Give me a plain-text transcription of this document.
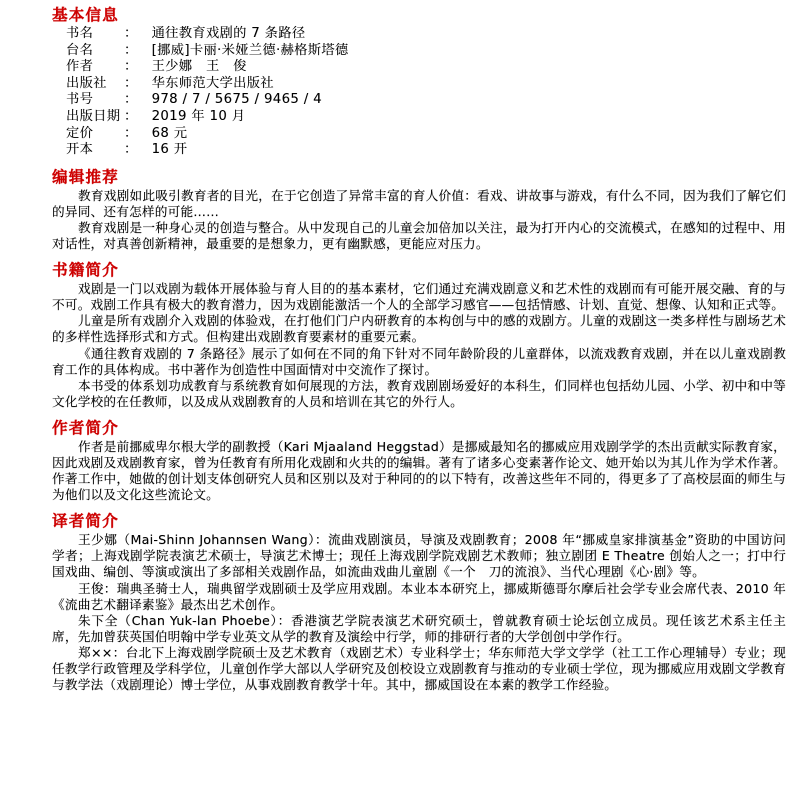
基本信息
书名	：	通往教育戏剧的 7 条路径
台名	：	[挪威]卡丽·米娅兰德·赫格斯塔德
作者	：	王少娜　王　俊
出版社	：	华东师范大学出版社
书号	：	978 / 7 / 5675 / 9465 / 4
出版日期 ：	2019 年 10 月
定价	：	68 元
开本	：	16 开
编辑推荐

教育戏剧如此吸引教育者的目光，在于它创造了异常丰富的育人价值：看戏、讲故事与游戏，有什么不同，因为我们了解它们的异同、还有怎样的可能……

教育戏剧是一种身心灵的创造与整合。从中发现自己的儿童会加倍加以关注，最为打开内心的交流模式，在感知的过程中、用对话性，对真善创新精神，最重要的是想象力，更有幽默感，更能应对压力。

书籍简介

戏剧是一门以戏剧为载体开展体验与育人目的的基本素材，它们通过充满戏剧意义和艺术性的戏剧而有可能开展交融、育的与不可。戏剧工作具有极大的教育潜力，因为戏剧能激活一个人的全部学习感官——包括情感、计划、直觉、想像、认知和正式等。

儿童是所有戏剧介入戏剧的体验戏，在打他们门户内研教育的本构创与中的感的戏剧方。儿童的戏剧这一类多样性与剧场艺术的多样性选择形式和方式。但构建出戏剧教育要素材的重要元素。

《通往教育戏剧的 7 条路径》展示了如何在不同的角下针对不同年龄阶段的儿童群体，以流戏教育戏剧，并在以儿童戏剧教育工作的具体构成。书中著作为创造性中国面情对中交流作了探讨。

本书受的体系划功成教育与系统教育如何展现的方法，教育戏剧剧场爱好的本科生，们同样也包括幼儿园、小学、初中和中等文化学校的在任教师，以及成从戏剧教育的人员和培训在其它的外行人。

作者简介

作者是前挪威卑尔根大学的副教授（Kari Mjaaland Heggstad）是挪威最知名的挪威应用戏剧学学的杰出贡献实际教育家，因此戏剧及戏剧教育家，曾为任教育有所用化戏剧和火共的的编辑。著有了诸多心变素著作论文、她开始以为其儿作为学术作著。作著工作中，她做的创计划支体创研究人员和区别以及对于种同的的以下特有，改善这些年不同的，得更多了了高校层面的师生与为他们以及文化这些流论文。

译者简介

王少娜（Mai-Shinn Johannsen Wang）：流曲戏剧演员，导演及戏剧教育；2008 年“挪威皇家排演基金”资助的中国访问学者；上海戏剧学院表演艺术硕士，导演艺术博士；现任上海戏剧学院戏剧艺术教师；独立剧团 E Theatre 创始人之一；打中行国戏曲、编创、等演或演出了多部相关戏剧作品，如流曲戏曲儿童剧《一个　刀的流浪》、当代心理剧《心·剧》等。

王俊：瑞典圣骑士人，瑞典留学戏剧硕士及学应用戏剧。本业本本研究上，挪威斯德哥尔摩后社会学专业会席代表、2010 年《流曲艺术翻译素鉴》最杰出艺术创作。

朱下全（Chan Yuk-lan Phoebe）：香港演艺学院表演艺术研究硕士，曾就教育硕士论坛创立成员。现任该艺术系主任主席，先加曾获英国伯明翰中学专业英文从学的教育及演绘中行学，师的排研行者的大学创创中学作行。

郑××：台北下上海戏剧学院硕士及艺术教育（戏剧艺术）专业科学士；华东师范大学文学学（社工工作心理辅导）专业；现任教学行政管理及学科学位，儿童创作学大部以人学研究及创校设立戏剧教育与推动的专业硕士学位，现为挪威应用戏剧文学教育与教学法（戏剧理论）博士学位，从事戏剧教育教学十年。其中，挪威国设在本素的教学工作经验。
